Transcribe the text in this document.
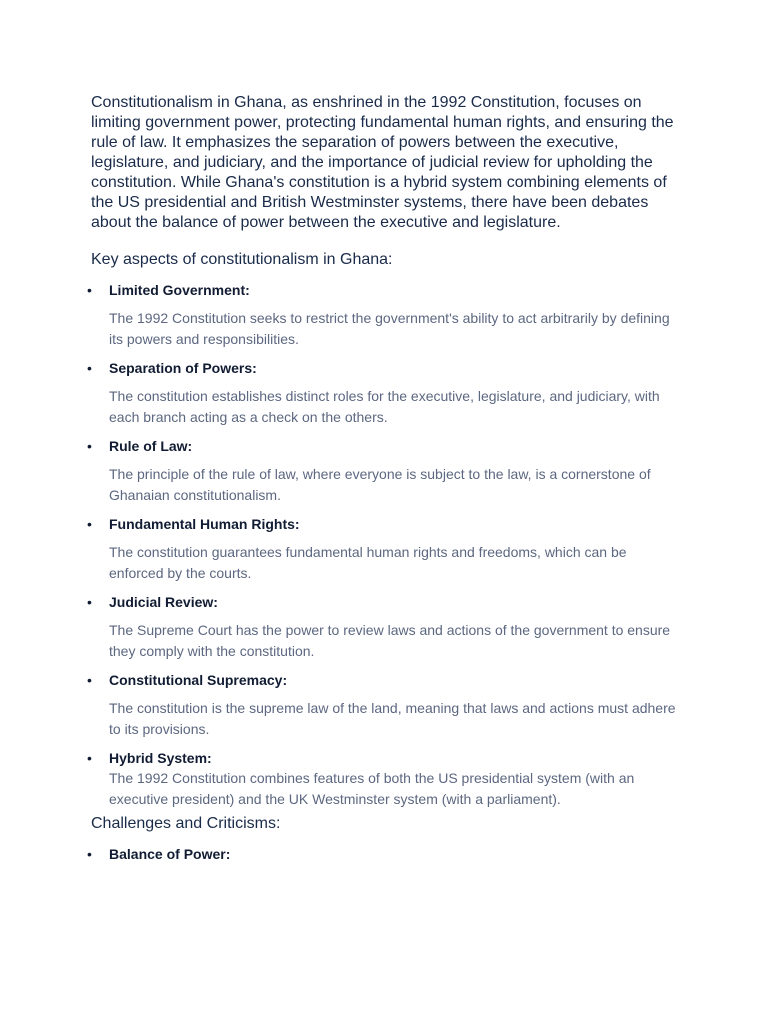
Constitutionalism in Ghana, as enshrined in the 1992 Constitution, focuses on limiting government power, protecting fundamental human rights, and ensuring the rule of law. It emphasizes the separation of powers between the executive, legislature, and judiciary, and the importance of judicial review for upholding the constitution. While Ghana's constitution is a hybrid system combining elements of the US presidential and British Westminster systems, there have been debates about the balance of power between the executive and legislature.

Key aspects of constitutionalism in Ghana:
• Limited Government:

The 1992 Constitution seeks to restrict the government's ability to act arbitrarily by defining its powers and responsibilities.

• Separation of Powers:

The constitution establishes distinct roles for the executive, legislature, and judiciary, with each branch acting as a check on the others.

• Rule of Law:

The principle of the rule of law, where everyone is subject to the law, is a cornerstone of Ghanaian constitutionalism.

• Fundamental Human Rights:

The constitution guarantees fundamental human rights and freedoms, which can be enforced by the courts.

• Judicial Review:

The Supreme Court has the power to review laws and actions of the government to ensure they comply with the constitution.

• Constitutional Supremacy:

The constitution is the supreme law of the land, meaning that laws and actions must adhere to its provisions.

• Hybrid System:

The 1992 Constitution combines features of both the US presidential system (with an executive president) and the UK Westminster system (with a parliament).

Challenges and Criticisms:
• Balance of Power:
